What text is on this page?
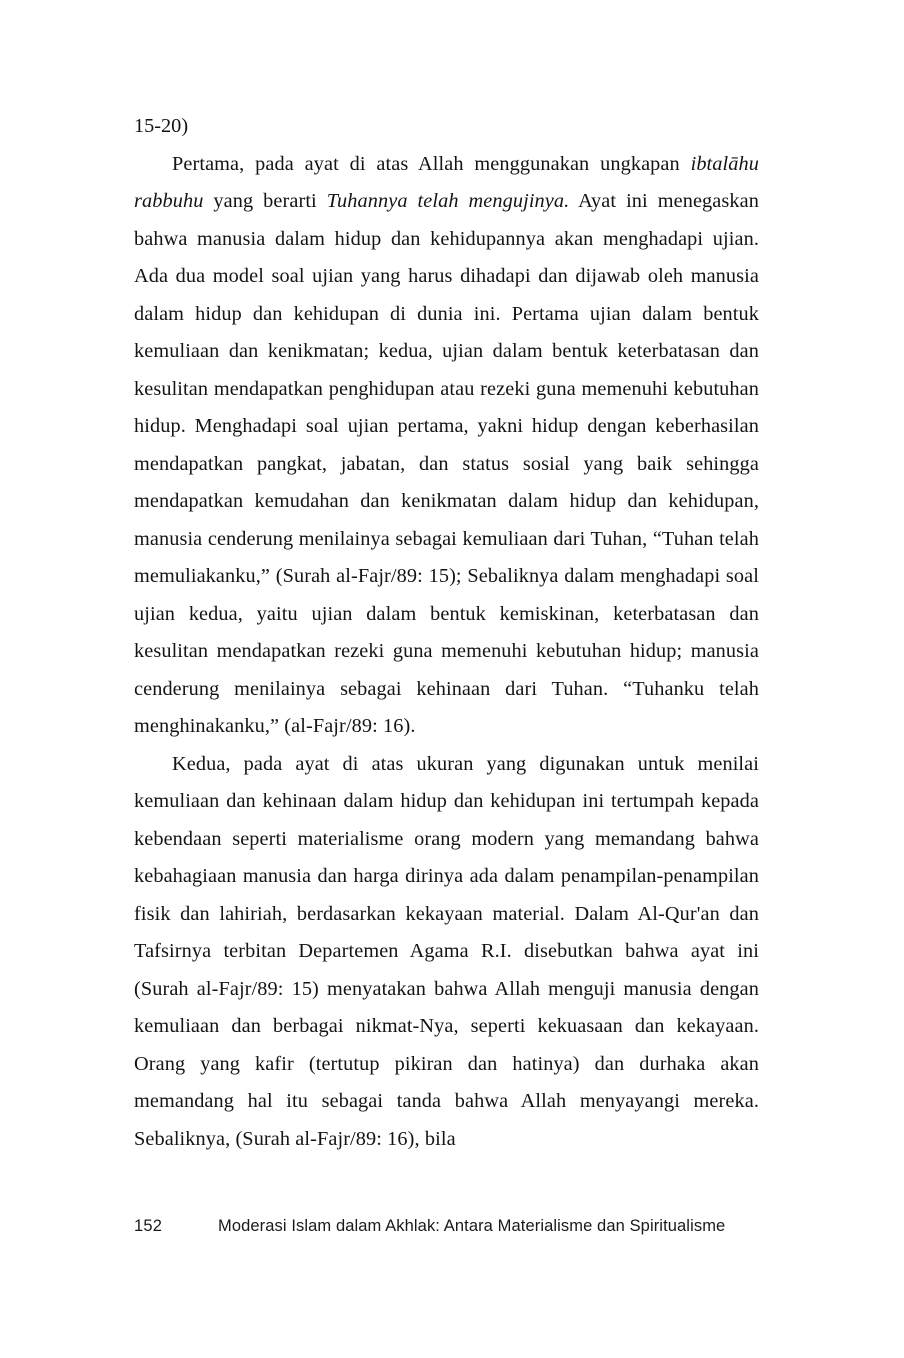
15-20)

Pertama, pada ayat di atas Allah menggunakan ungkapan ibtalāhu rabbuhu yang berarti Tuhannya telah mengujinya. Ayat ini menegaskan bahwa manusia dalam hidup dan kehidupannya akan menghadapi ujian. Ada dua model soal ujian yang harus dihadapi dan dijawab oleh manusia dalam hidup dan kehidupan di dunia ini. Pertama ujian dalam bentuk kemuliaan dan kenikmatan; kedua, ujian dalam bentuk keterbatasan dan kesulitan mendapatkan penghidupan atau rezeki guna memenuhi kebutuhan hidup. Menghadapi soal ujian pertama, yakni hidup dengan keberhasilan mendapatkan pangkat, jabatan, dan status sosial yang baik sehingga mendapatkan kemudahan dan kenikmatan dalam hidup dan kehidupan, manusia cenderung menilainya sebagai kemuliaan dari Tuhan, “Tuhan telah memuliakanku,” (Surah al-Fajr/89: 15); Sebaliknya dalam menghadapi soal ujian kedua, yaitu ujian dalam bentuk kemiskinan, keterbatasan dan kesulitan mendapatkan rezeki guna memenuhi kebutuhan hidup; manusia cenderung menilainya sebagai kehinaan dari Tuhan. “Tuhanku telah menghinakanku,” (al-Fajr/89: 16).

Kedua, pada ayat di atas ukuran yang digunakan untuk menilai kemuliaan dan kehinaan dalam hidup dan kehidupan ini tertumpah kepada kebendaan seperti materialisme orang modern yang memandang bahwa kebahagiaan manusia dan harga dirinya ada dalam penampilan-penampilan fisik dan lahiriah, berdasarkan kekayaan material. Dalam Al-Qur'an dan Tafsirnya terbitan Departemen Agama R.I. disebutkan bahwa ayat ini (Surah al-Fajr/89: 15) menyatakan bahwa Allah menguji manusia dengan kemuliaan dan berbagai nikmat-Nya, seperti kekuasaan dan kekayaan. Orang yang kafir (tertutup pikiran dan hatinya) dan durhaka akan memandang hal itu sebagai tanda bahwa Allah menyayangi mereka. Sebaliknya, (Surah al-Fajr/89: 16), bila

152	Moderasi Islam dalam Akhlak: Antara Materialisme dan Spiritualisme
